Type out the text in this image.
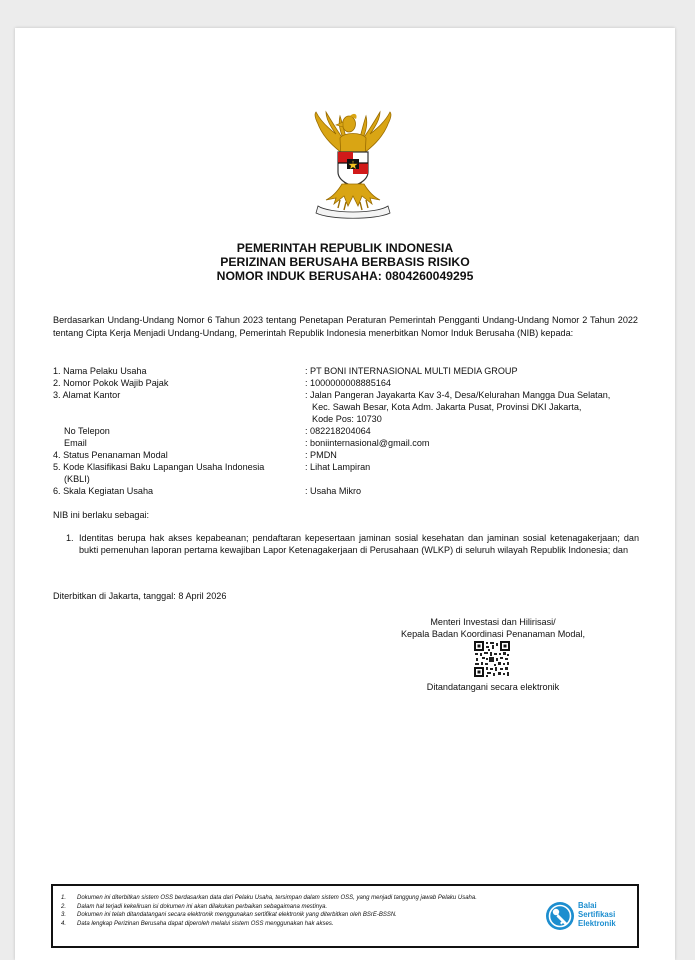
PEMERINTAH REPUBLIK INDONESIA
PERIZINAN BERUSAHA BERBASIS RISIKO
NOMOR INDUK BERUSAHA: 0804260049295
Berdasarkan Undang-Undang Nomor 6 Tahun 2023 tentang Penetapan Peraturan Pemerintah Pengganti Undang-Undang Nomor 2 Tahun 2022 tentang Cipta Kerja Menjadi Undang-Undang, Pemerintah Republik Indonesia menerbitkan Nomor Induk Berusaha (NIB) kepada:
1. Nama Pelaku Usaha	: PT BONI INTERNASIONAL MULTI MEDIA GROUP
2. Nomor Pokok Wajib Pajak	: 1000000008885164
3. Alamat Kantor	: Jalan Pangeran Jayakarta Kav 3-4, Desa/Kelurahan Mangga Dua Selatan,
Kec. Sawah Besar, Kota Adm. Jakarta Pusat, Provinsi DKI Jakarta,
Kode Pos: 10730
No Telepon	: 082218204064
Email	: boniinternasional@gmail.com
4. Status Penanaman Modal	: PMDN
5. Kode Klasifikasi Baku Lapangan Usaha Indonesia	: Lihat Lampiran
(KBLI)
6. Skala Kegiatan Usaha	: Usaha Mikro
NIB ini berlaku sebagai:
1. Identitas berupa hak akses kepabeanan; pendaftaran kepesertaan jaminan sosial kesehatan dan jaminan sosial ketenagakerjaan; dan bukti pemenuhan laporan pertama kewajiban Lapor Ketenagakerjaan di Perusahaan (WLKP) di seluruh wilayah Republik Indonesia; dan
Diterbitkan di Jakarta, tanggal: 8 April 2026
Menteri Investasi dan Hilirisasi/
Kepala Badan Koordinasi Penanaman Modal,
Ditandatangani secara elektronik
1. Dokumen ini diterbitkan sistem OSS berdasarkan data dari Pelaku Usaha, tersimpan dalam sistem OSS, yang menjadi tanggung jawab Pelaku Usaha.
2. Dalam hal terjadi kekeliruan isi dokumen ini akan dilakukan perbaikan sebagaimana mestinya.
3. Dokumen ini telah ditandatangani secara elektronik menggunakan sertifikat elektronik yang diterbitkan oleh BSrE-BSSN.
4. Data lengkap Perizinan Berusaha dapat diperoleh melalui sistem OSS menggunakan hak akses.
Balai
Sertifikasi
Elektronik
